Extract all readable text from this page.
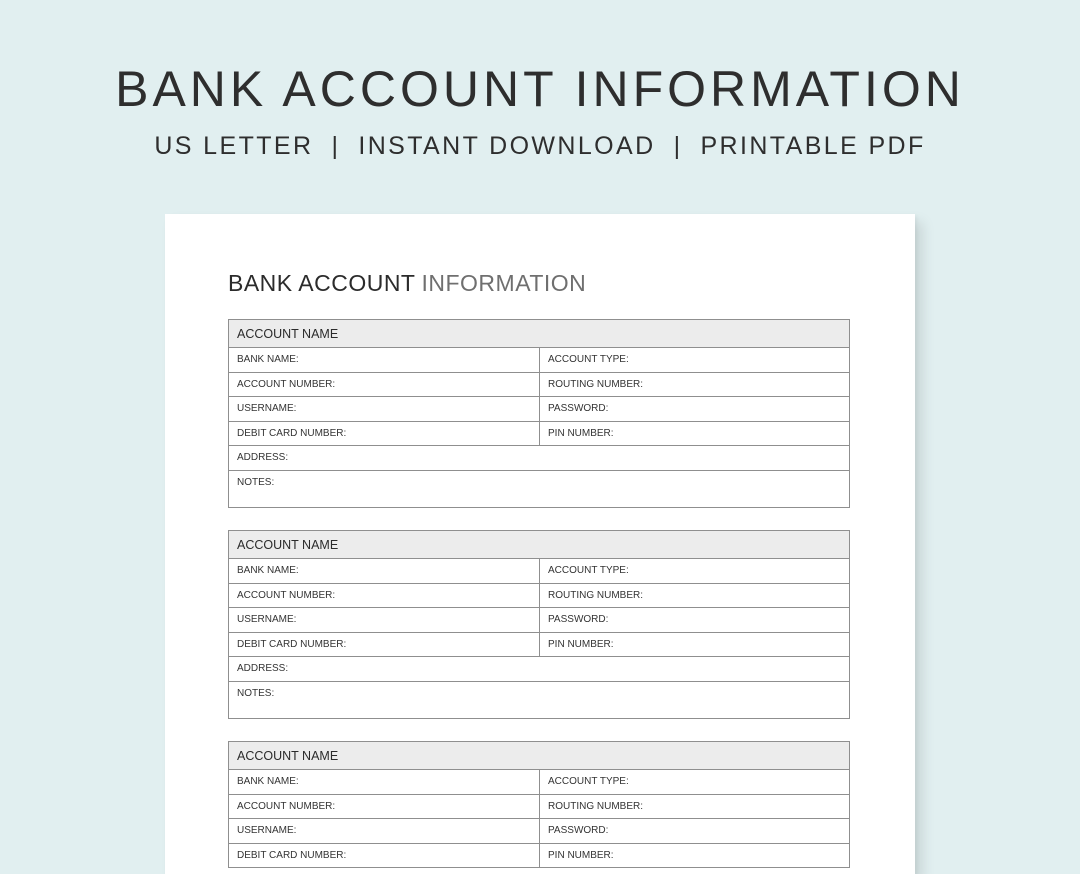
BANK ACCOUNT INFORMATION
US LETTER | INSTANT DOWNLOAD | PRINTABLE PDF
BANK ACCOUNT INFORMATION
ACCOUNT NAME
BANK NAME:	ACCOUNT TYPE:
ACCOUNT NUMBER:	ROUTING NUMBER:
USERNAME:	PASSWORD:
DEBIT CARD NUMBER:	PIN NUMBER:
ADDRESS:
NOTES:
ACCOUNT NAME
BANK NAME:	ACCOUNT TYPE:
ACCOUNT NUMBER:	ROUTING NUMBER:
USERNAME:	PASSWORD:
DEBIT CARD NUMBER:	PIN NUMBER:
ADDRESS:
NOTES:
ACCOUNT NAME
BANK NAME:	ACCOUNT TYPE:
ACCOUNT NUMBER:	ROUTING NUMBER:
USERNAME:	PASSWORD:
DEBIT CARD NUMBER:	PIN NUMBER:
